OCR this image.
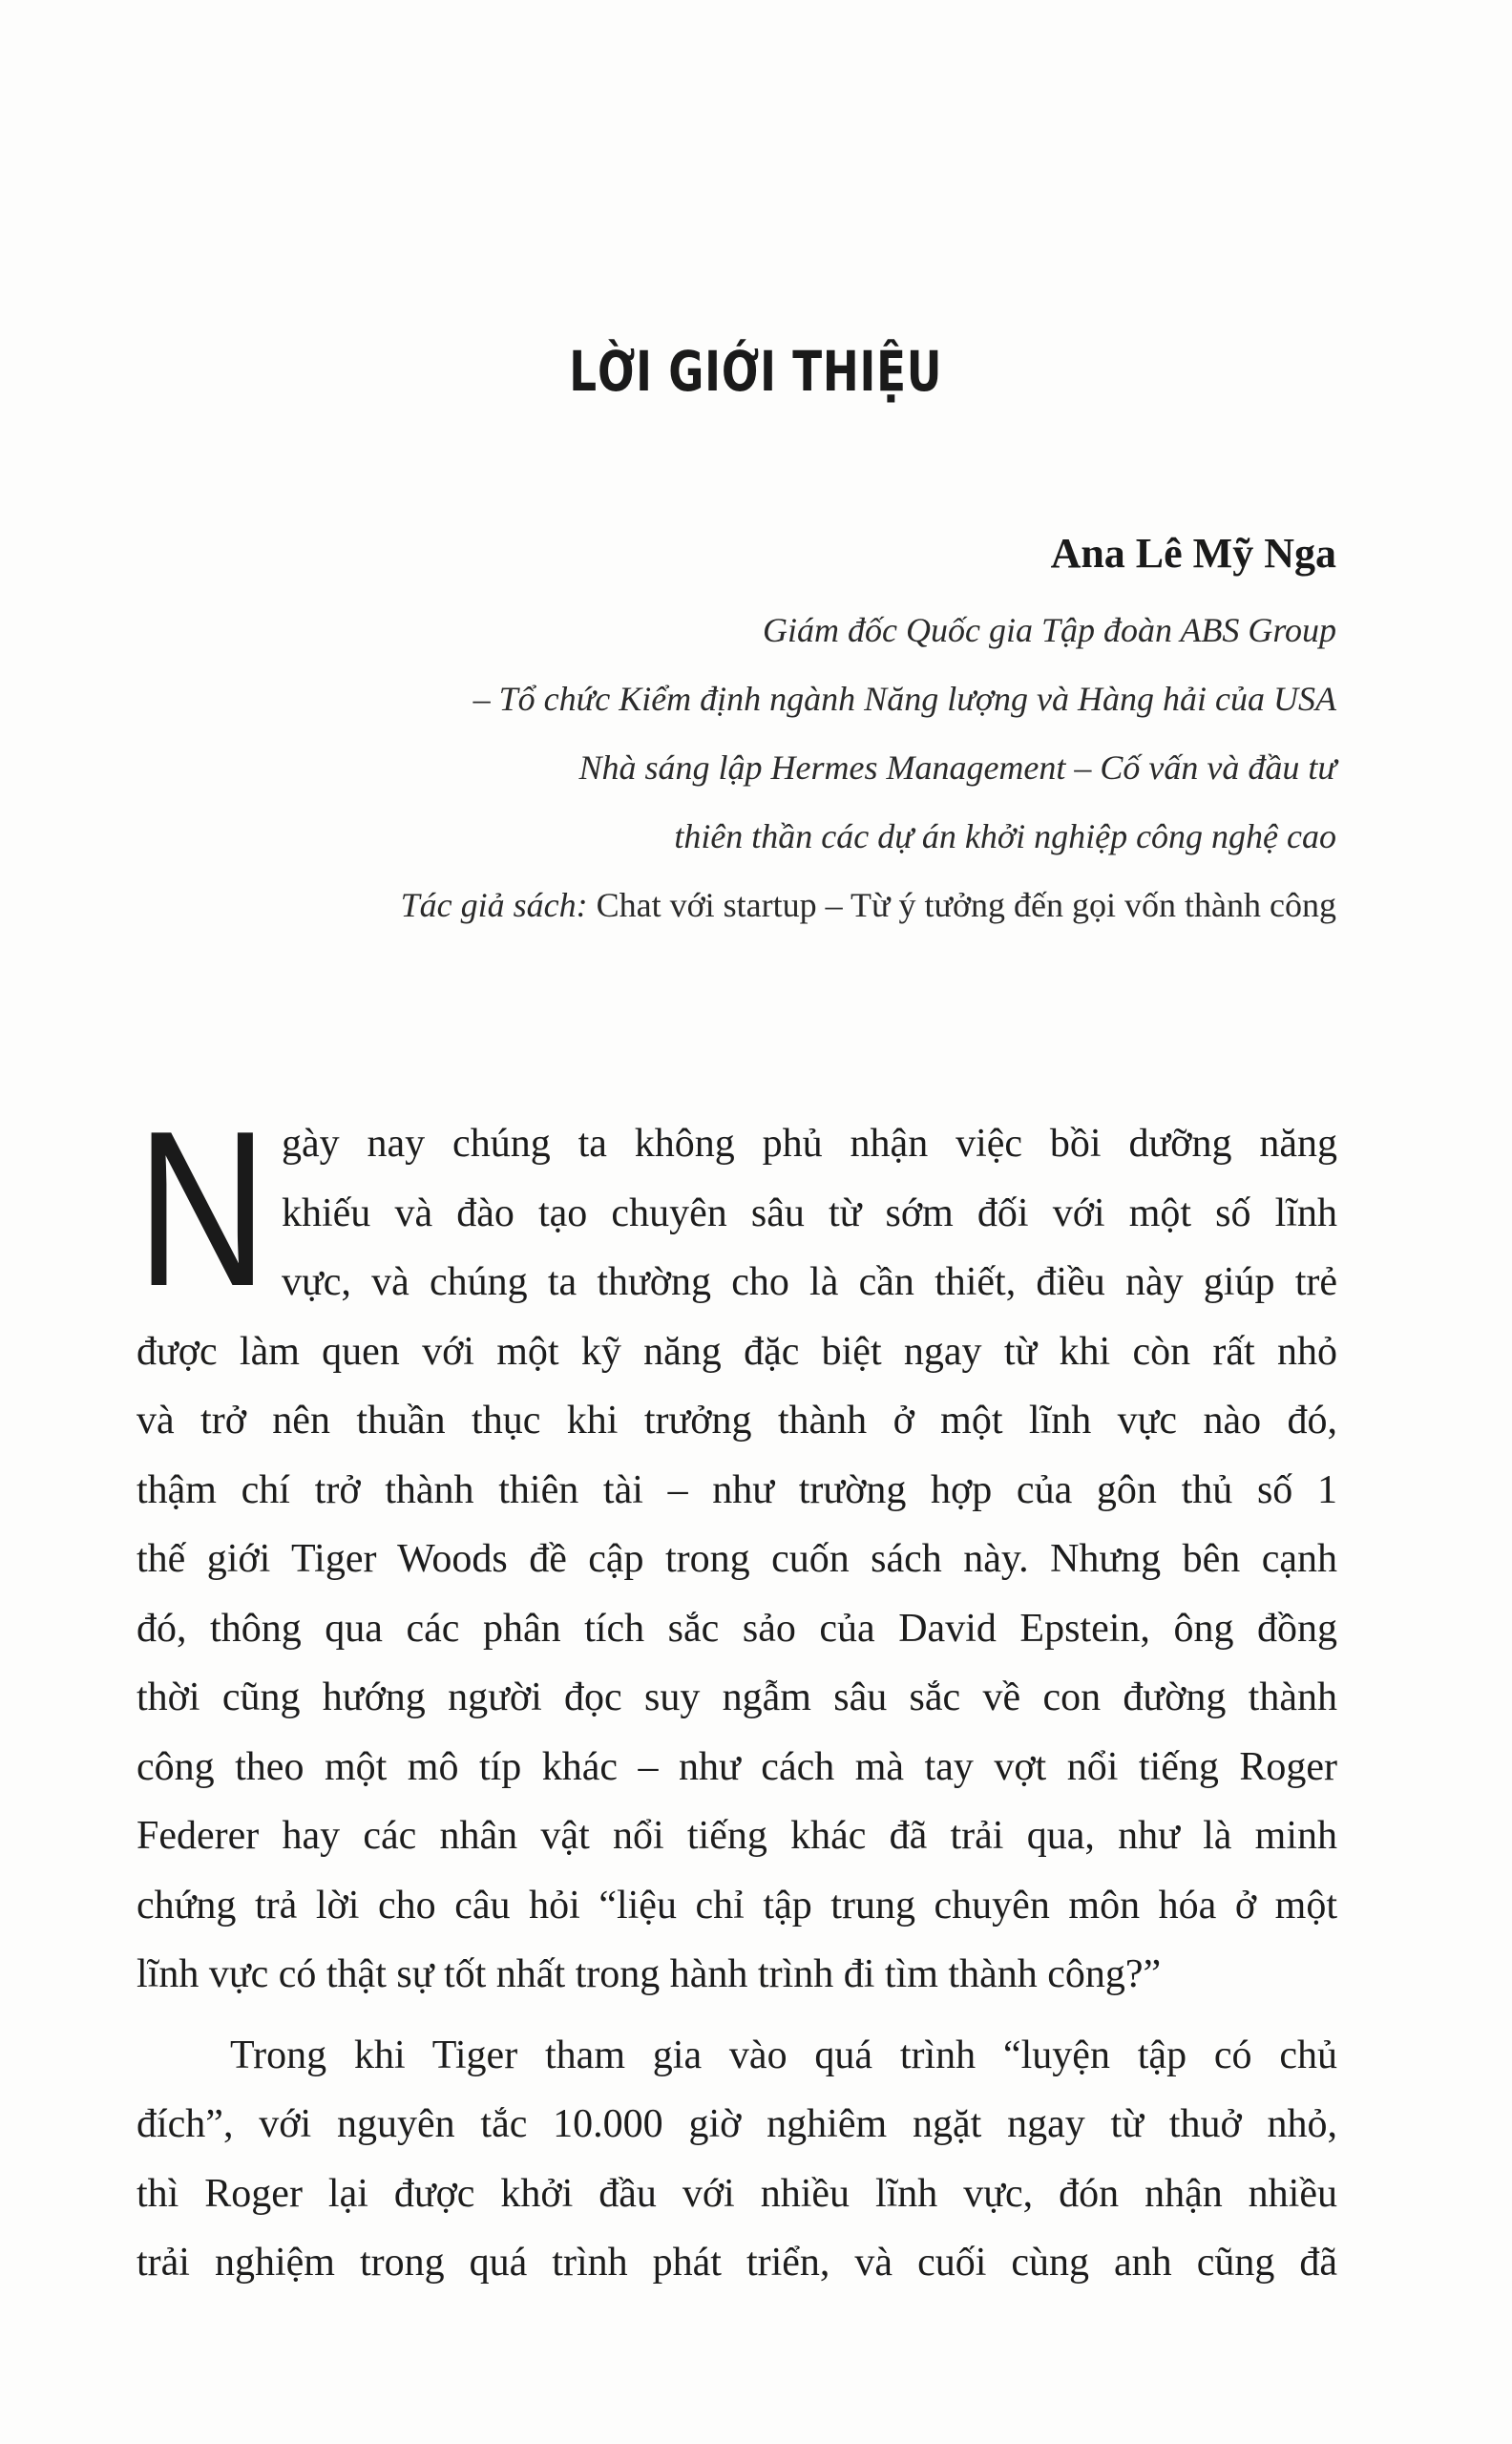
LỜI GIỚI THIỆU

Ana Lê Mỹ Nga

Giám đốc Quốc gia Tập đoàn ABS Group

– Tổ chức Kiểm định ngành Năng lượng và Hàng hải của USA

Nhà sáng lập Hermes Management – Cố vấn và đầu tư

thiên thần các dự án khởi nghiệp công nghệ cao

Tác giả sách: Chat với startup – Từ ý tưởng đến gọi vốn thành công

N gày nay chúng ta không phủ nhận việc bồi dưỡng năng
khiếu và đào tạo chuyên sâu từ sớm đối với một số lĩnh
vực, và chúng ta thường cho là cần thiết, điều này giúp trẻ
được làm quen với một kỹ năng đặc biệt ngay từ khi còn rất nhỏ
và trở nên thuần thục khi trưởng thành ở một lĩnh vực nào đó,
thậm chí trở thành thiên tài – như trường hợp của gôn thủ số 1
thế giới Tiger Woods đề cập trong cuốn sách này. Nhưng bên cạnh
đó, thông qua các phân tích sắc sảo của David Epstein, ông đồng
thời cũng hướng người đọc suy ngẫm sâu sắc về con đường thành
công theo một mô típ khác – như cách mà tay vợt nổi tiếng Roger
Federer hay các nhân vật nổi tiếng khác đã trải qua, như là minh
chứng trả lời cho câu hỏi “liệu chỉ tập trung chuyên môn hóa ở một
lĩnh vực có thật sự tốt nhất trong hành trình đi tìm thành công?”

Trong khi Tiger tham gia vào quá trình “luyện tập có chủ
đích”, với nguyên tắc 10.000 giờ nghiêm ngặt ngay từ thuở nhỏ,
thì Roger lại được khởi đầu với nhiều lĩnh vực, đón nhận nhiều
trải nghiệm trong quá trình phát triển, và cuối cùng anh cũng đã
